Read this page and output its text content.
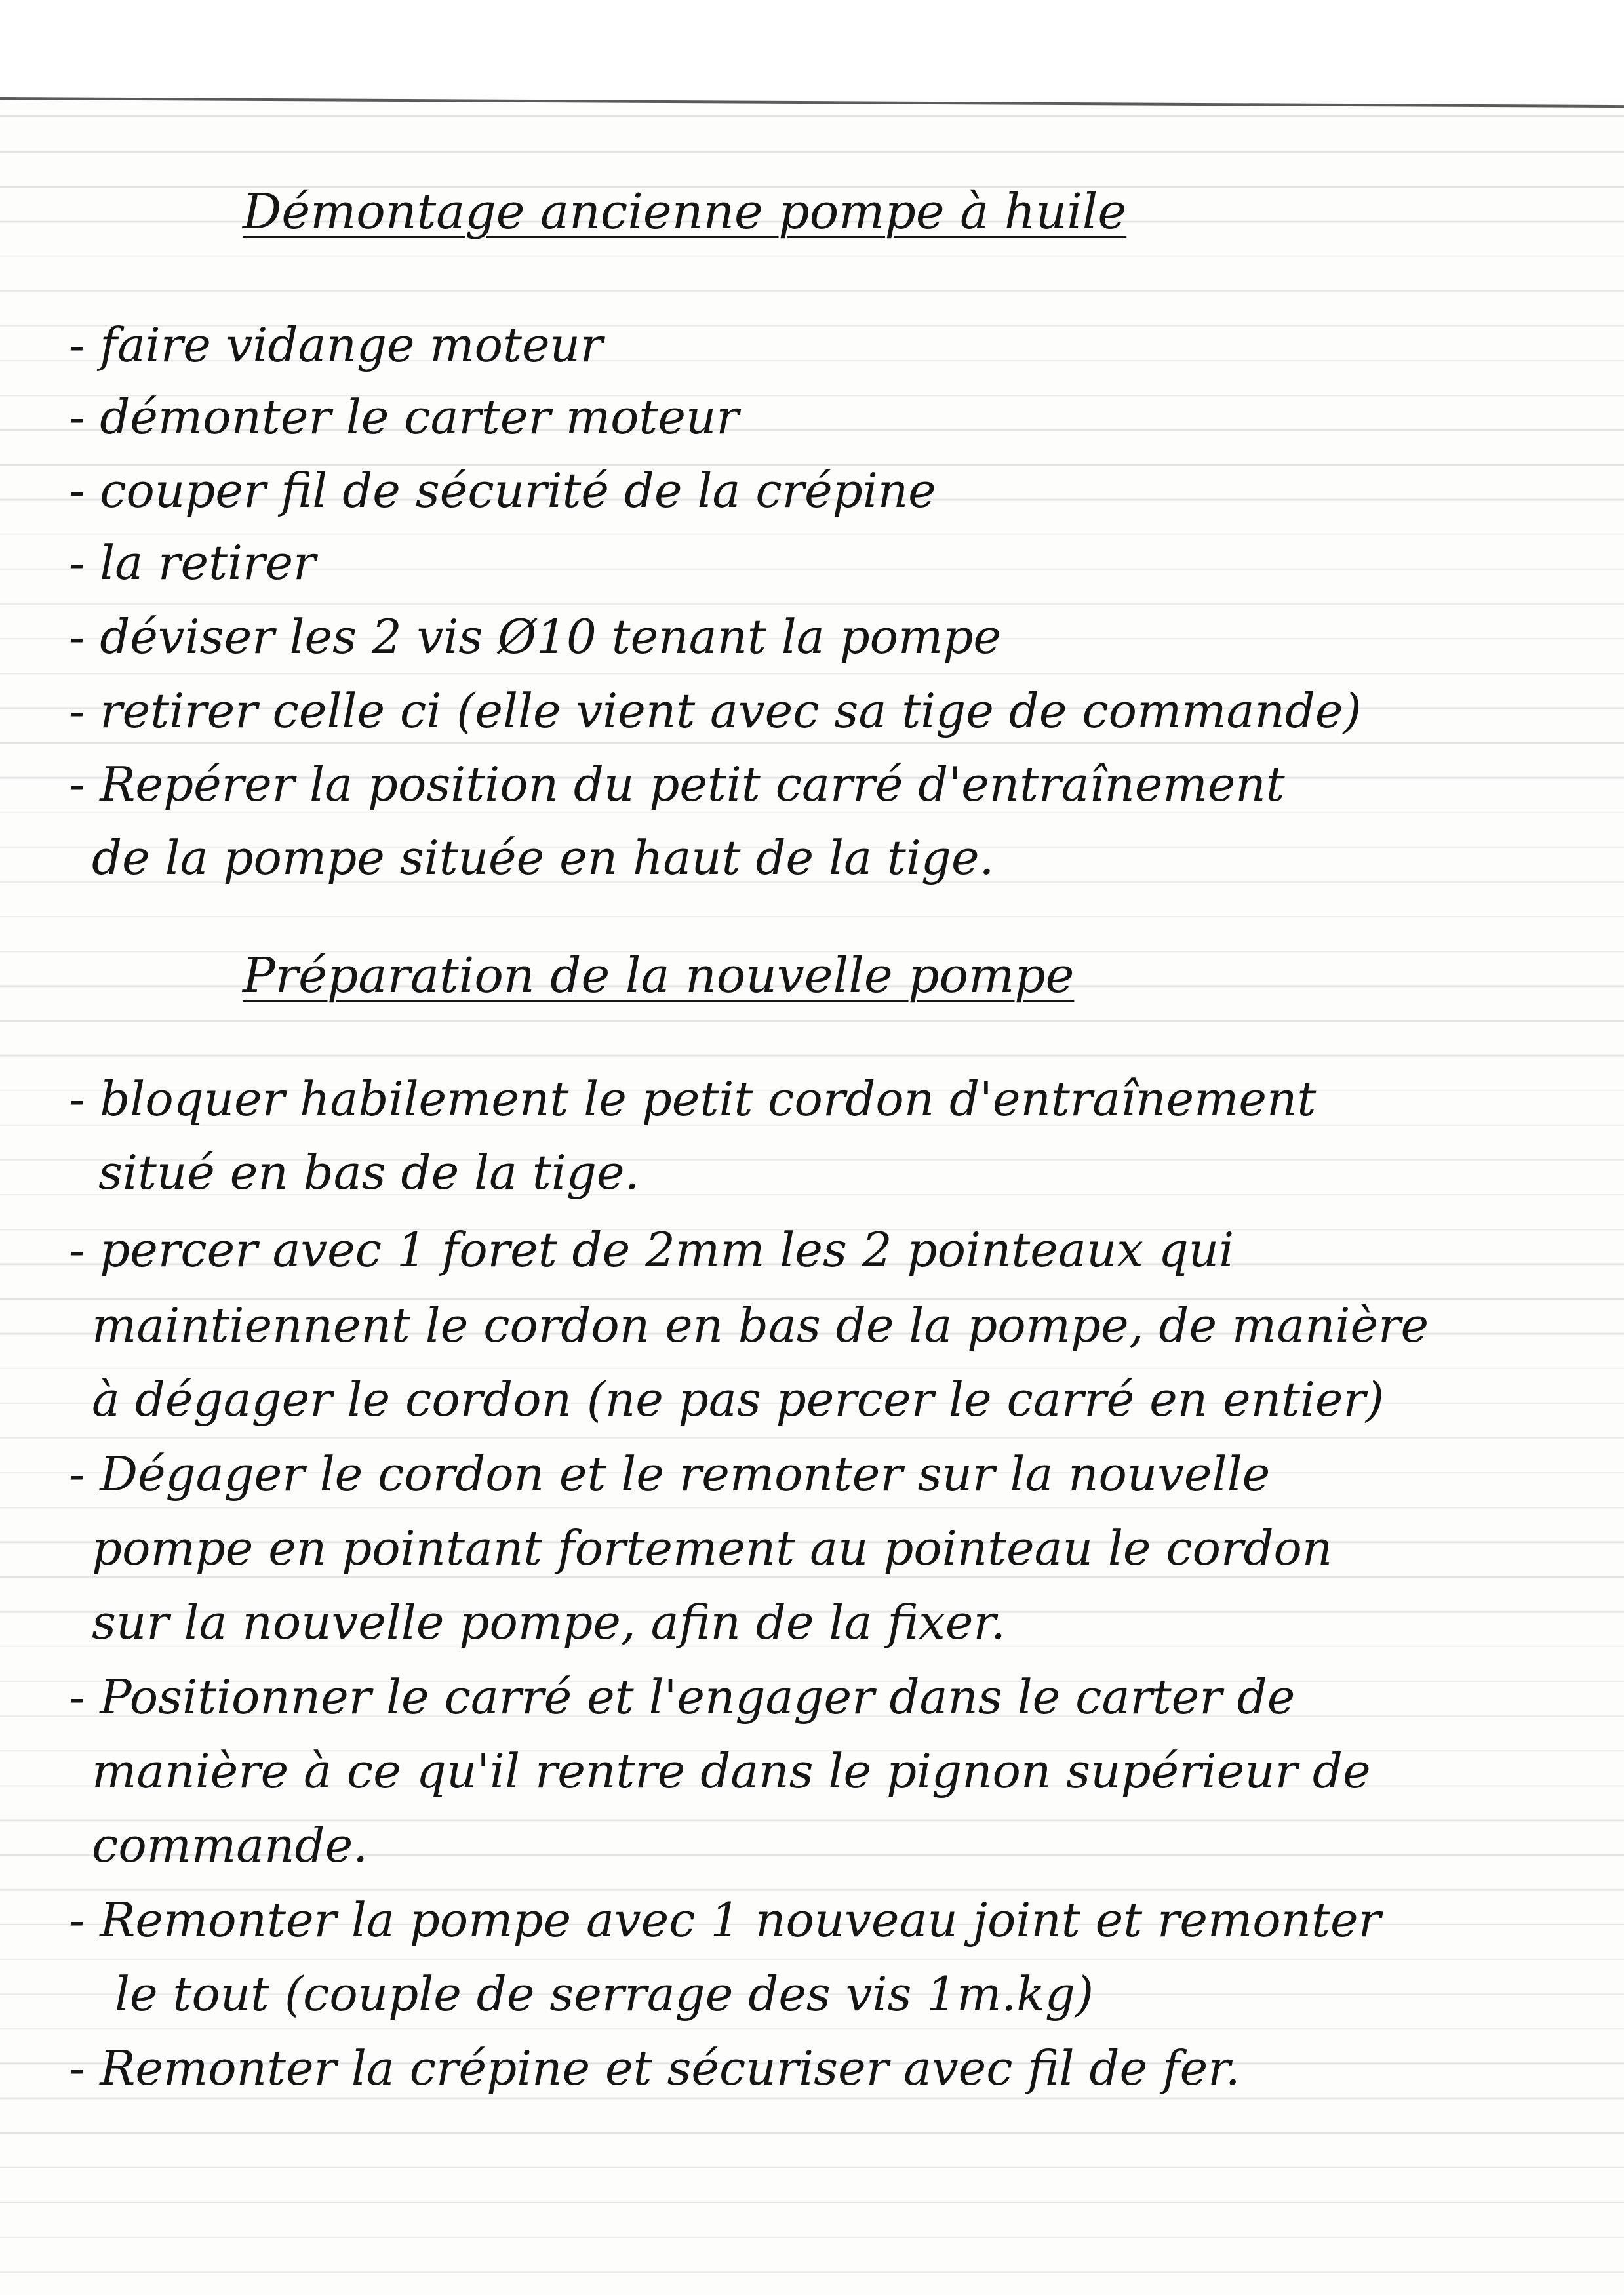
Démontage ancienne pompe à huile

- faire vidange moteur

- démonter le carter moteur

- couper fil de sécurité de la crépine

- la retirer

- déviser les 2 vis Ø10 tenant la pompe

- retirer celle ci (elle vient avec sa tige de commande)

- Repérer la position du petit carré d'entraînement

de la pompe située en haut de la tige.

Préparation de la nouvelle pompe

- bloquer habilement le petit cordon d'entraînement

situé en bas de la tige.

- percer avec 1 foret de 2mm les 2 pointeaux qui

maintiennent le cordon en bas de la pompe, de manière

à dégager le cordon (ne pas percer le carré en entier)

- Dégager le cordon et le remonter sur la nouvelle

pompe en pointant fortement au pointeau le cordon

sur la nouvelle pompe, afin de la fixer.

- Positionner le carré et l'engager dans le carter de

manière à ce qu'il rentre dans le pignon supérieur de

commande.

- Remonter la pompe avec 1 nouveau joint et remonter

le tout (couple de serrage des vis 1m.kg)

- Remonter la crépine et sécuriser avec fil de fer.
